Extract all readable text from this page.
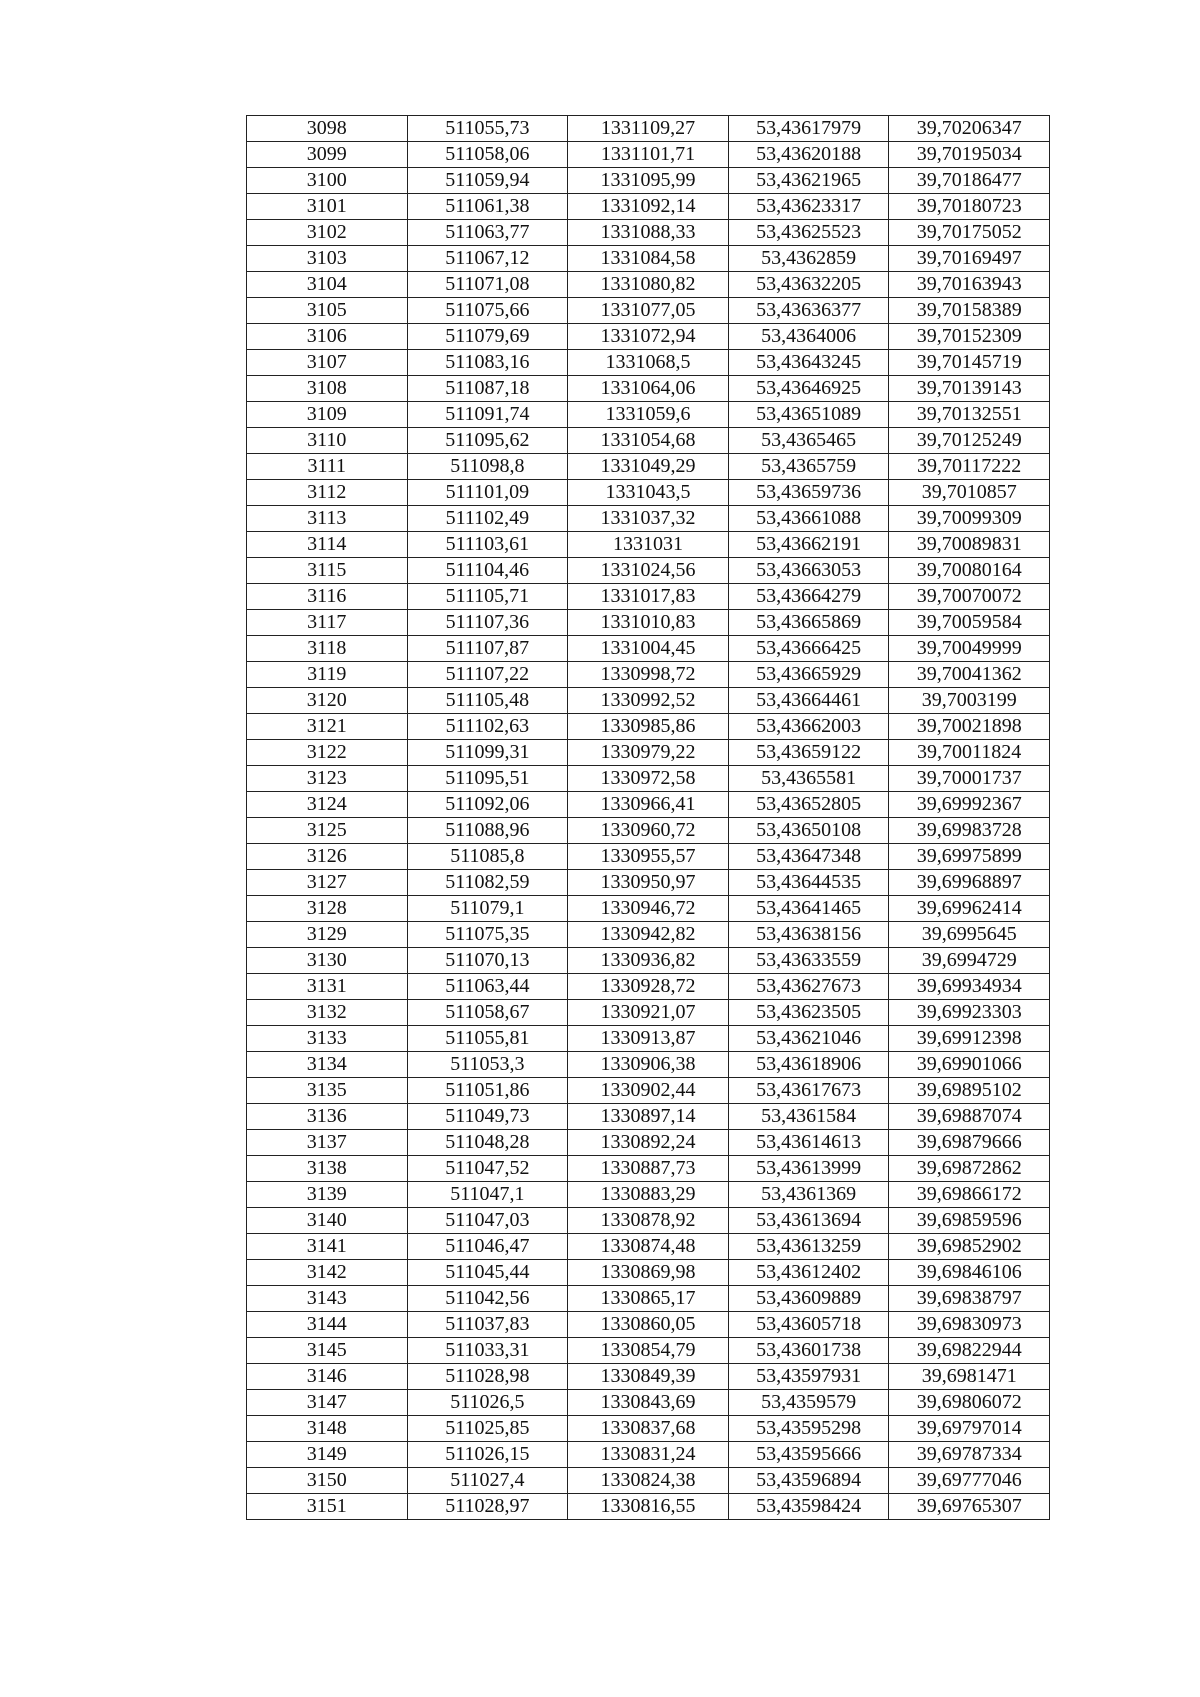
3098	511055,73	1331109,27	53,43617979	39,70206347
3099	511058,06	1331101,71	53,43620188	39,70195034
3100	511059,94	1331095,99	53,43621965	39,70186477
3101	511061,38	1331092,14	53,43623317	39,70180723
3102	511063,77	1331088,33	53,43625523	39,70175052
3103	511067,12	1331084,58	53,4362859	39,70169497
3104	511071,08	1331080,82	53,43632205	39,70163943
3105	511075,66	1331077,05	53,43636377	39,70158389
3106	511079,69	1331072,94	53,4364006	39,70152309
3107	511083,16	1331068,5	53,43643245	39,70145719
3108	511087,18	1331064,06	53,43646925	39,70139143
3109	511091,74	1331059,6	53,43651089	39,70132551
3110	511095,62	1331054,68	53,4365465	39,70125249
3111	511098,8	1331049,29	53,4365759	39,70117222
3112	511101,09	1331043,5	53,43659736	39,7010857
3113	511102,49	1331037,32	53,43661088	39,70099309
3114	511103,61	1331031	53,43662191	39,70089831
3115	511104,46	1331024,56	53,43663053	39,70080164
3116	511105,71	1331017,83	53,43664279	39,70070072
3117	511107,36	1331010,83	53,43665869	39,70059584
3118	511107,87	1331004,45	53,43666425	39,70049999
3119	511107,22	1330998,72	53,43665929	39,70041362
3120	511105,48	1330992,52	53,43664461	39,7003199
3121	511102,63	1330985,86	53,43662003	39,70021898
3122	511099,31	1330979,22	53,43659122	39,70011824
3123	511095,51	1330972,58	53,4365581	39,70001737
3124	511092,06	1330966,41	53,43652805	39,69992367
3125	511088,96	1330960,72	53,43650108	39,69983728
3126	511085,8	1330955,57	53,43647348	39,69975899
3127	511082,59	1330950,97	53,43644535	39,69968897
3128	511079,1	1330946,72	53,43641465	39,69962414
3129	511075,35	1330942,82	53,43638156	39,6995645
3130	511070,13	1330936,82	53,43633559	39,6994729
3131	511063,44	1330928,72	53,43627673	39,69934934
3132	511058,67	1330921,07	53,43623505	39,69923303
3133	511055,81	1330913,87	53,43621046	39,69912398
3134	511053,3	1330906,38	53,43618906	39,69901066
3135	511051,86	1330902,44	53,43617673	39,69895102
3136	511049,73	1330897,14	53,4361584	39,69887074
3137	511048,28	1330892,24	53,43614613	39,69879666
3138	511047,52	1330887,73	53,43613999	39,69872862
3139	511047,1	1330883,29	53,4361369	39,69866172
3140	511047,03	1330878,92	53,43613694	39,69859596
3141	511046,47	1330874,48	53,43613259	39,69852902
3142	511045,44	1330869,98	53,43612402	39,69846106
3143	511042,56	1330865,17	53,43609889	39,69838797
3144	511037,83	1330860,05	53,43605718	39,69830973
3145	511033,31	1330854,79	53,43601738	39,69822944
3146	511028,98	1330849,39	53,43597931	39,6981471
3147	511026,5	1330843,69	53,4359579	39,69806072
3148	511025,85	1330837,68	53,43595298	39,69797014
3149	511026,15	1330831,24	53,43595666	39,69787334
3150	511027,4	1330824,38	53,43596894	39,69777046
3151	511028,97	1330816,55	53,43598424	39,69765307
